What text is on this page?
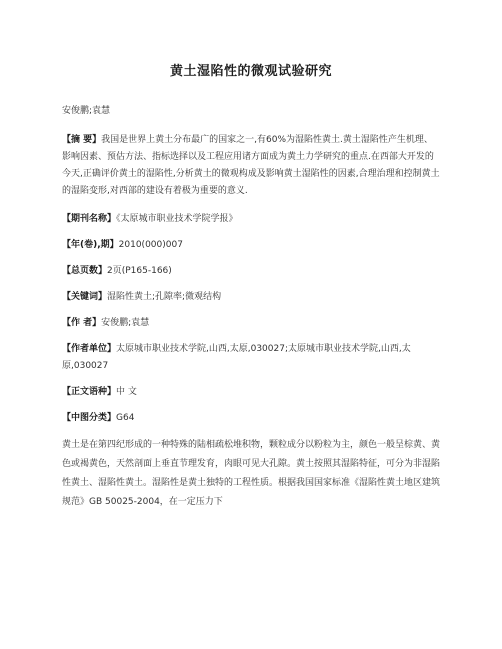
黄土湿陷性的微观试验研究
安俊鹏;袁慧
【摘 要】我国是世界上黄土分布最广的国家之一,有60%为湿陷性黄土.黄土湿陷性产生机理、影响因素、预估方法、指标选择以及工程应用诸方面成为黄土力学研究的重点.在西部大开发的今天,正确评价黄土的湿陷性,分析黄土的微观构成及影响黄土湿陷性的因素,合理治理和控制黄土的湿陷变形,对西部的建设有着极为重要的意义.
【期刊名称】《太原城市职业技术学院学报》
【年(卷),期】2010(000)007
【总页数】2页(P165-166)
【关键词】湿陷性黄土;孔隙率;微观结构
【作 者】安俊鹏;袁慧
【作者单位】太原城市职业技术学院,山西,太原,030027;太原城市职业技术学院,山西,太原,030027
【正文语种】中 文
【中图分类】G64
黄土是在第四纪形成的一种特殊的陆相疏松堆积物，颗粒成分以粉粒为主，颜色一般呈棕黄、黄色或褐黄色，天然剖面上垂直节理发育，肉眼可见大孔隙。黄土按照其湿陷特征，可分为非湿陷性黄土、湿陷性黄土。湿陷性是黄土独特的工程性质。根据我国国家标准《湿陷性黄土地区建筑规范》GB 50025-2004，在一定压力下
